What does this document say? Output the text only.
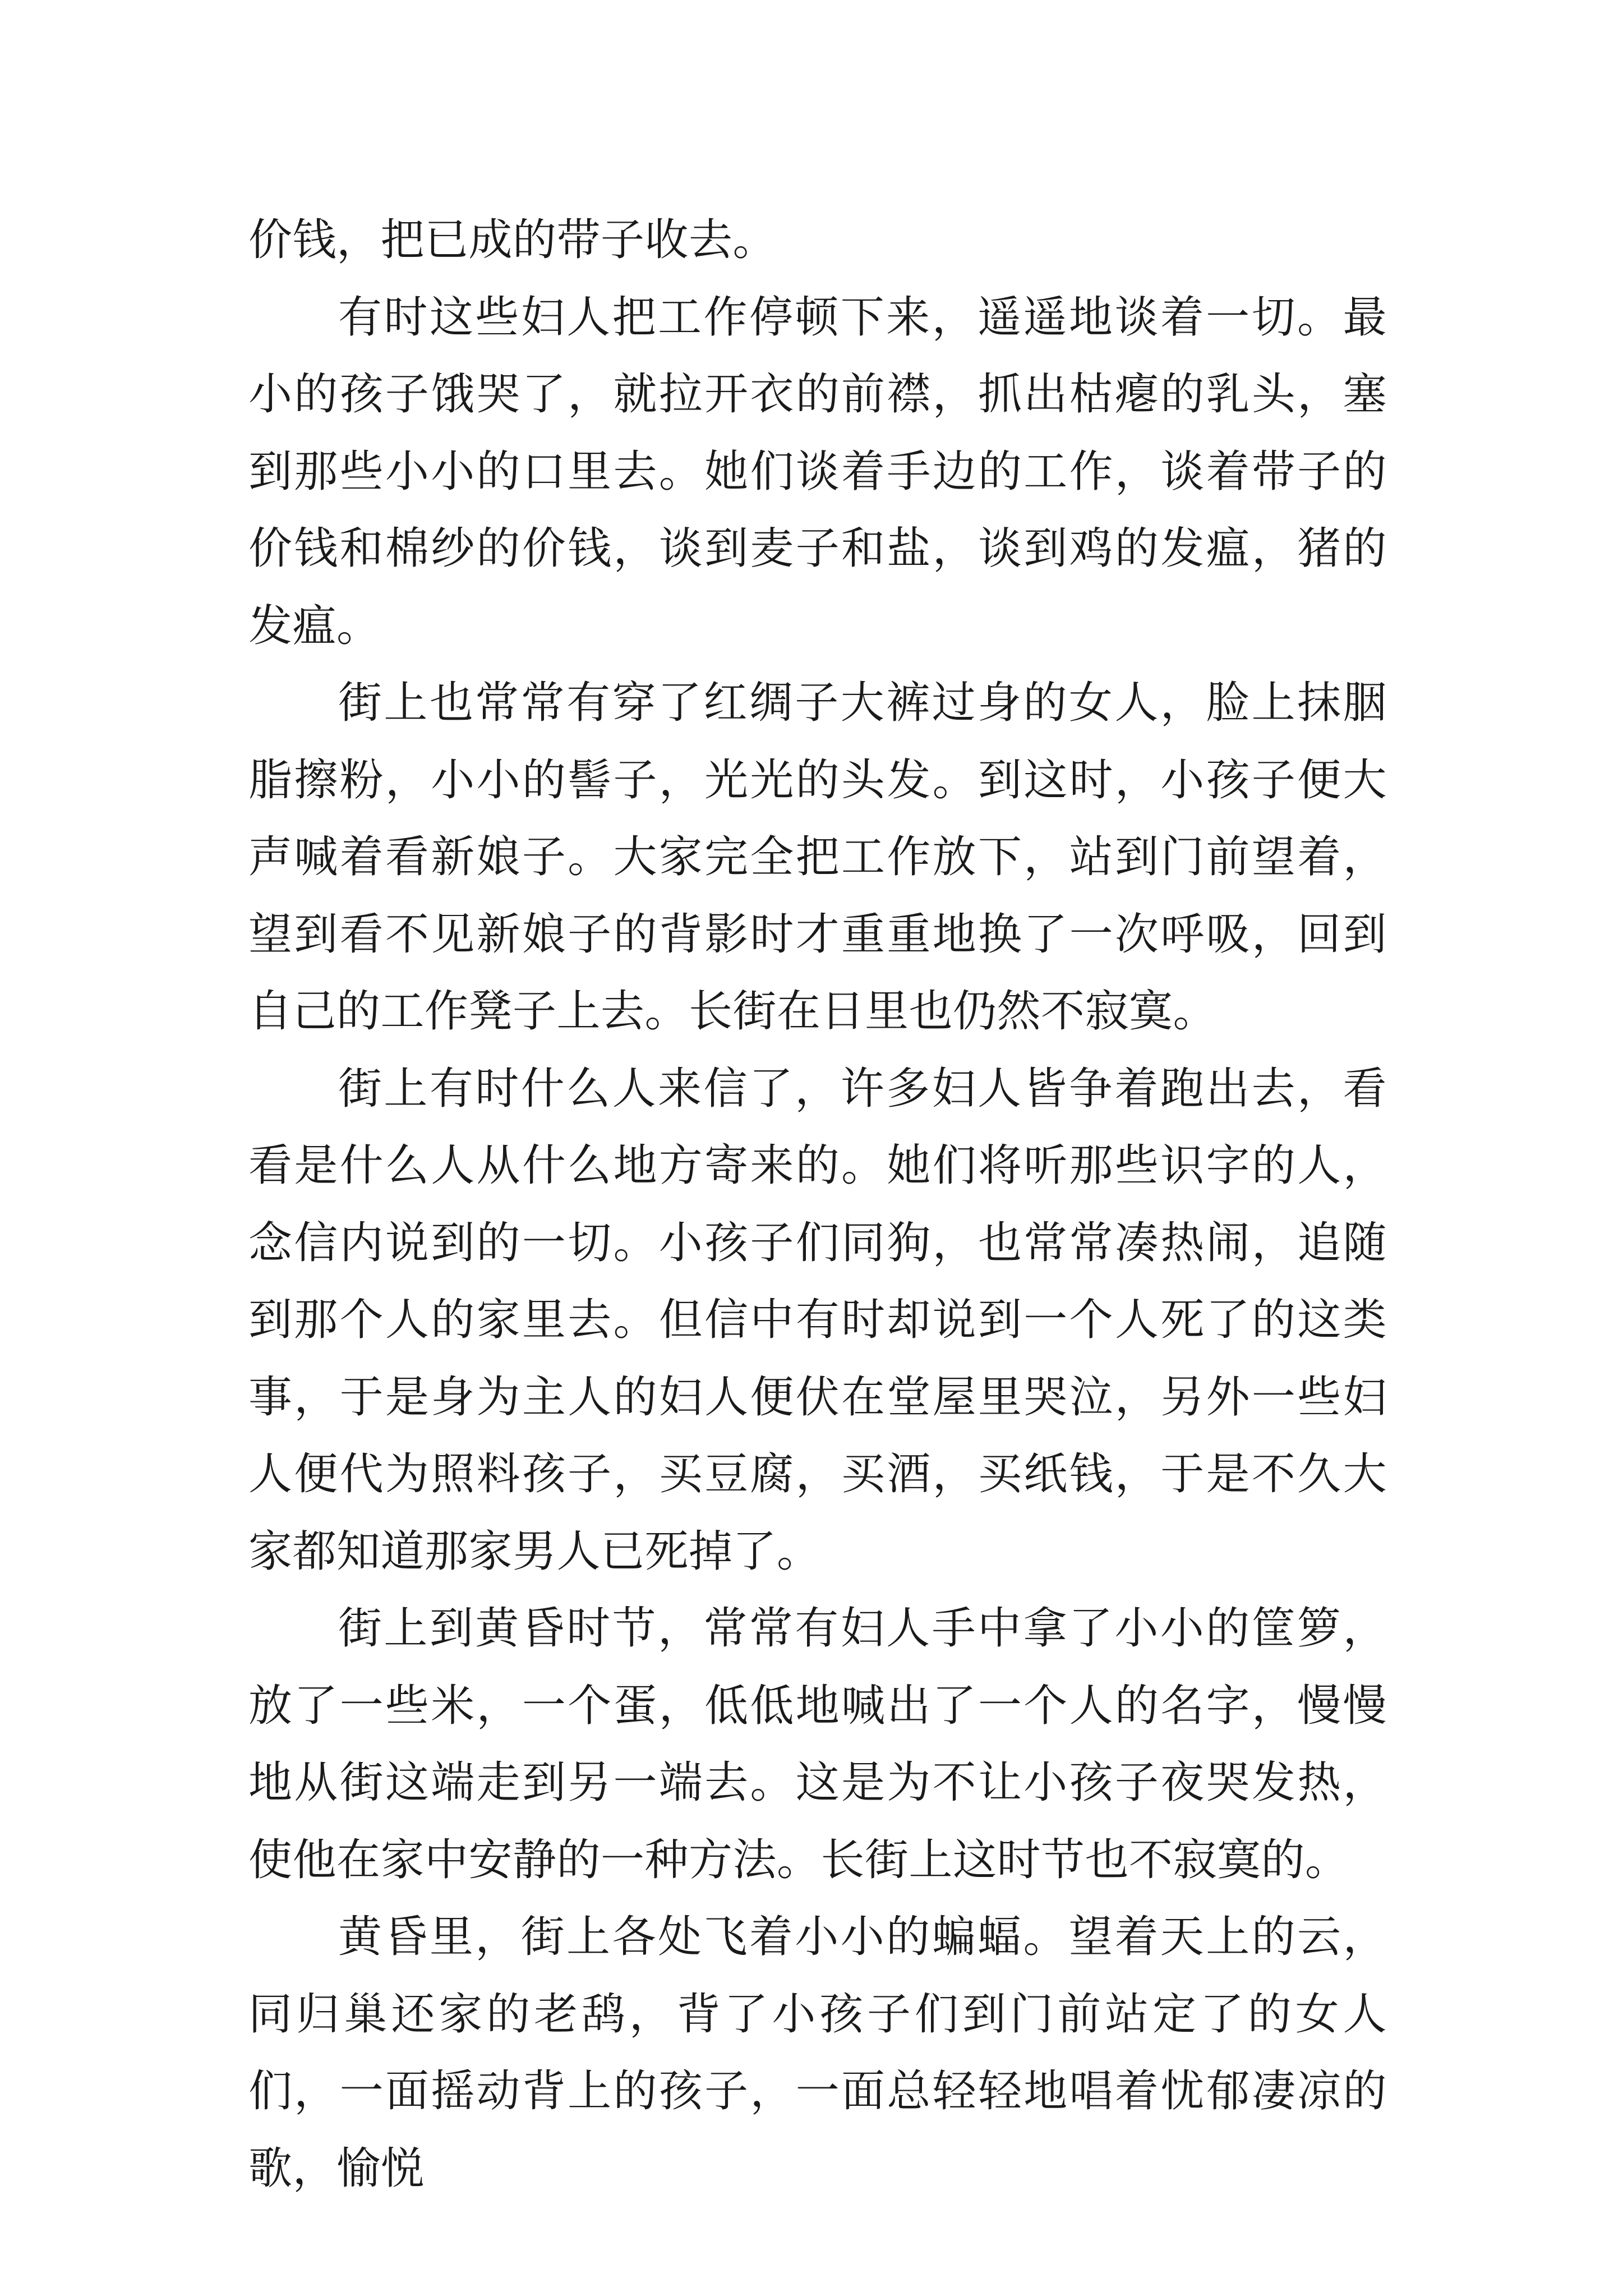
价钱，把已成的带子收去。

有时这些妇人把工作停顿下来，遥遥地谈着一切。最小的孩子饿哭了，就拉开衣的前襟，抓出枯瘪的乳头，塞到那些小小的口里去。她们谈着手边的工作，谈着带子的价钱和棉纱的价钱，谈到麦子和盐，谈到鸡的发瘟，猪的发瘟。

街上也常常有穿了红绸子大裤过身的女人，脸上抹胭脂擦粉，小小的髻子，光光的头发。到这时，小孩子便大声喊着看新娘子。大家完全把工作放下，站到门前望着，望到看不见新娘子的背影时才重重地换了一次呼吸，回到自己的工作凳子上去。长街在日里也仍然不寂寞。

街上有时什么人来信了，许多妇人皆争着跑出去，看看是什么人从什么地方寄来的。她们将听那些识字的人，念信内说到的一切。小孩子们同狗，也常常凑热闹，追随到那个人的家里去。但信中有时却说到一个人死了的这类事，于是身为主人的妇人便伏在堂屋里哭泣，另外一些妇人便代为照料孩子，买豆腐，买酒，买纸钱，于是不久大家都知道那家男人已死掉了。

街上到黄昏时节，常常有妇人手中拿了小小的筐箩，放了一些米，一个蛋，低低地喊出了一个人的名字，慢慢地从街这端走到另一端去。这是为不让小孩子夜哭发热，使他在家中安静的一种方法。长街上这时节也不寂寞的。

黄昏里，街上各处飞着小小的蝙蝠。望着天上的云，同归巢还家的老鸹，背了小孩子们到门前站定了的女人们，一面摇动背上的孩子，一面总轻轻地唱着忧郁凄凉的歌，愉悦
